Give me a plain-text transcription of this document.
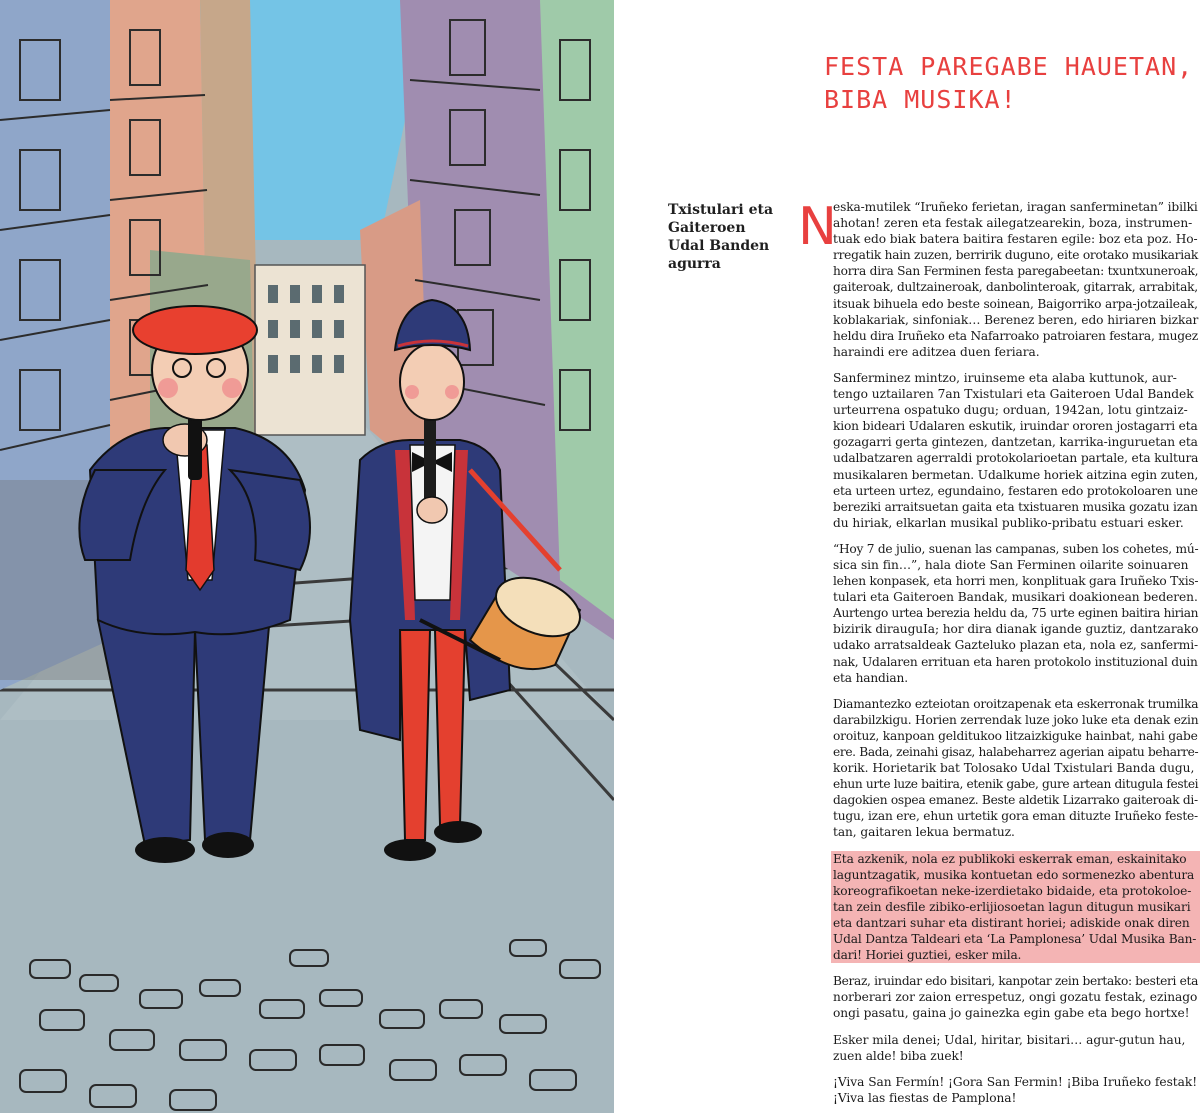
FESTA PAREGABE HAUETAN,
BIBA MUSIKA!
Txistulari eta
Gaiteroen
Udal Banden
agurra
N

eska-mutilek “Iruñeko ferietan, iragan sanferminetan” ibilki
ahotan! zeren eta festak ailegatzearekin, boza, instrumen-
tuak edo biak batera baitira festaren egile: boz eta poz. Ho-
rregatik hain zuzen, berririk duguno, eite orotako musikariak
horra dira San Ferminen festa paregabeetan: txuntxuneroak,
gaiteroak, dultzaineroak, danbolinteroak, gitarrak, arrabitak,
itsuak bihuela edo beste soinean, Baigorriko arpa-jotzaileak,
koblakariak, sinfoniak… Berenez beren, edo hiriaren bizkar
heldu dira Iruñeko eta Nafarroako patroiaren festara, mugez
haraindi ere aditzea duen feriara.

Sanferminez mintzo, iruinseme eta alaba kuttunok, aur-
tengo uztailaren 7an Txistulari eta Gaiteroen Udal Bandek
urteurrena ospatuko dugu; orduan, 1942an, lotu gintzaiz-
kion bideari Udalaren eskutik, iruindar ororen jostagarri eta
gozagarri gerta gintezen, dantzetan, karrika-inguruetan eta
udalbatzaren agerraldi protokolarioetan partale, eta kultura
musikalaren bermetan. Udalkume horiek aitzina egin zuten,
eta urteen urtez, egundaino, festaren edo protokoloaren une
bereziki arraitsuetan gaita eta txistuaren musika gozatu izan
du hiriak, elkarlan musikal publiko-pribatu estuari esker.

“Hoy 7 de julio, suenan las campanas, suben los cohetes, mú-
sica sin fin…”, hala diote San Ferminen oilarite soinuaren
lehen konpasek, eta horri men, konplituak gara Iruñeko Txis-
tulari eta Gaiteroen Bandak, musikari doakionean bederen.
Aurtengo urtea berezia heldu da, 75 urte eginen baitira hirian
bizirik dirauguIa; hor dira dianak igande guztiz, dantzarako
udako arratsaldeak Gazteluko plazan eta, nola ez, sanfermi-
nak, Udalaren errituan eta haren protokolo instituzional duin
eta handian.

Diamantezko ezteiotan oroitzapenak eta eskerronak trumilka
darabilzkigu. Horien zerrendak luze joko luke eta denak ezin
oroituz, kanpoan gelditukoo litzaizkiguke hainbat, nahi gabe
ere. Bada, zeinahi gisaz, halabeharrez agerian aipatu beharre-
korik. Horietarik bat Tolosako Udal Txistulari Banda dugu,
ehun urte luze baitira, etenik gabe, gure artean ditugula festei
dagokien ospea emanez. Beste aldetik Lizarrako gaiteroak di-
tugu, izan ere, ehun urtetik gora eman dituzte Iruñeko feste-
tan, gaitaren lekua bermatuz.

Eta azkenik, nola ez publikoki eskerrak eman, eskainitako
laguntzagatik, musika kontuetan edo sormenezko abentura
koreografikoetan neke-izerdietako bidaide, eta protokoloe-
tan zein desfile zibiko-erlijiosoetan lagun ditugun musikari
eta dantzari suhar eta distirant horiei; adiskide onak diren
Udal Dantza Taldeari eta ‘La Pamplonesa’ Udal Musika Ban-
dari! Horiei guztiei, esker mila.

Beraz, iruindar edo bisitari, kanpotar zein bertako: besteri eta
norberari zor zaion errespetuz, ongi gozatu festak, ezinago
ongi pasatu, gaina jo gainezka egin gabe eta bego hortxe!

Esker mila denei; Udal, hiritar, bisitari… agur-gutun hau,
zuen alde! biba zuek!

¡Viva San Fermín! ¡Gora San Fermin! ¡Biba Iruñeko festak!
¡Viva las fiestas de Pamplona!
